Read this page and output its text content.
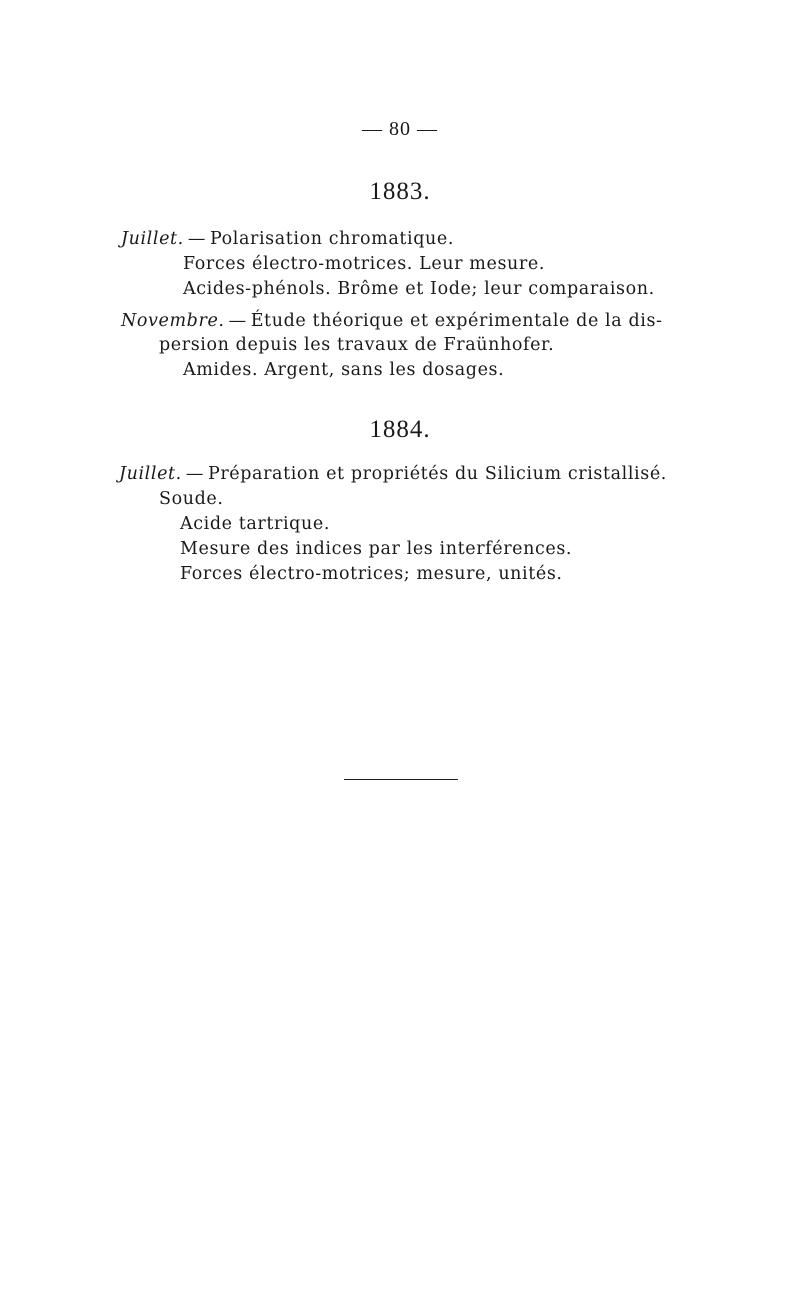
— 80 —
1883.
Juillet. — Polarisation chromatique.
Forces électro-motrices. Leur mesure.
Acides-phénols. Brôme et Iode; leur comparaison.
Novembre. — Étude théorique et expérimentale de la dis-
persion depuis les travaux de Fraünhofer.
Amides. Argent, sans les dosages.
1884.
Juillet. — Préparation et propriétés du Silicium cristallisé.
Soude.
Acide tartrique.
Mesure des indices par les interférences.
Forces électro-motrices; mesure, unités.
